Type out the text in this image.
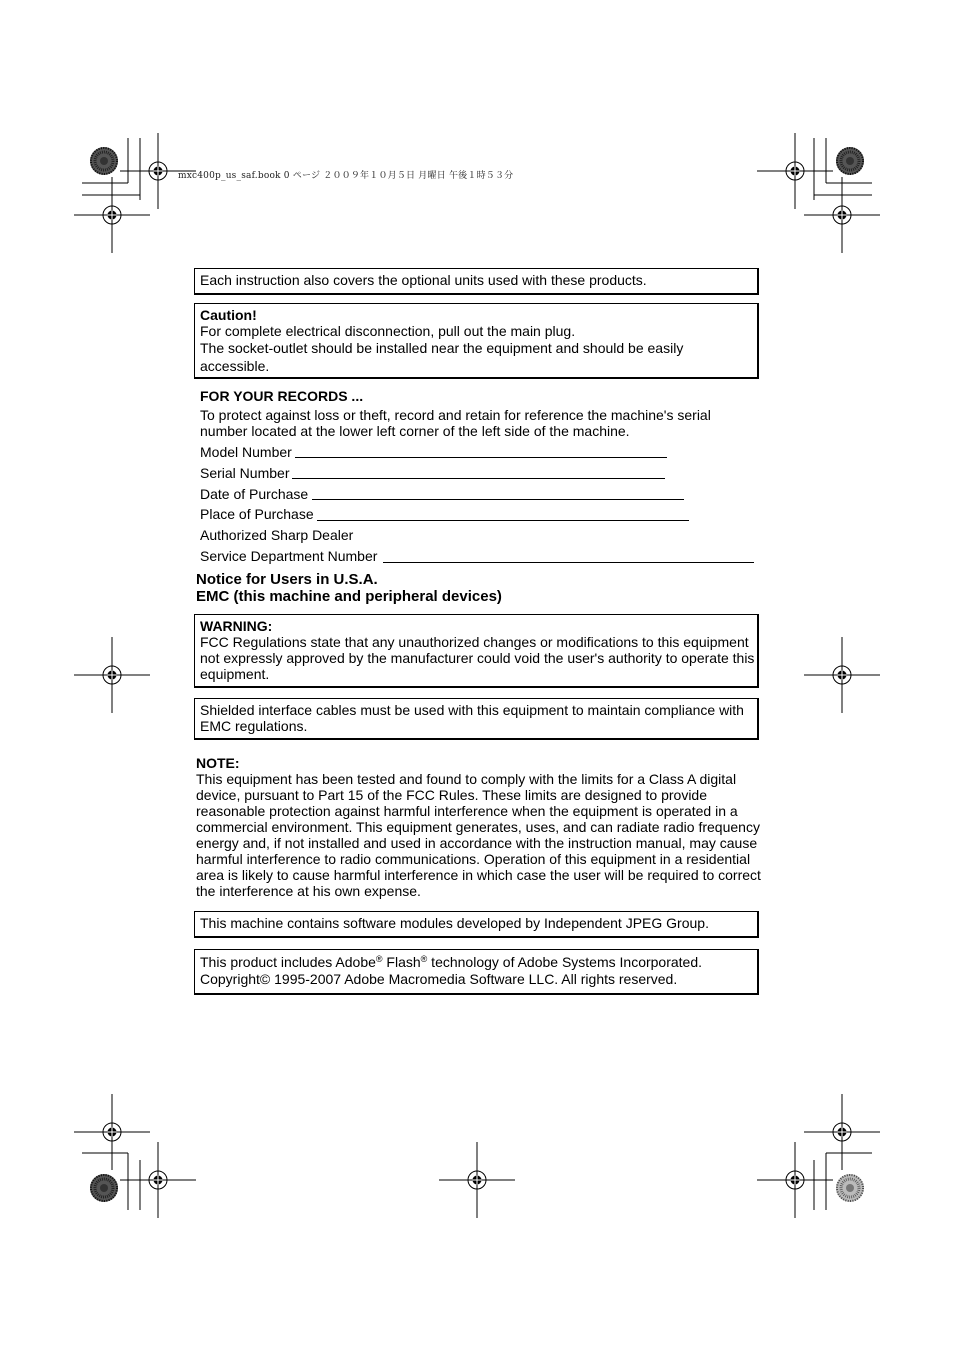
mxc400p_us_saf.book 0 ページ ２００９年１０月５日 月曜日 午後１時５３分
Each instruction also covers the optional units used with these products.
Caution!
For complete electrical disconnection, pull out the main plug.
The socket-outlet should be installed near the equipment and should be easily accessible.
FOR YOUR RECORDS ...
To protect against loss or theft, record and retain for reference the machine's serial number located at the lower left corner of the left side of the machine.
Model Number
Serial Number
Date of Purchase
Place of Purchase
Authorized Sharp Dealer
Service Department Number
Notice for Users in U.S.A.
EMC (this machine and peripheral devices)
WARNING:
FCC Regulations state that any unauthorized changes or modifications to this equipment not expressly approved by the manufacturer could void the user's authority to operate this equipment.
Shielded interface cables must be used with this equipment to maintain compliance with EMC regulations.
NOTE:
This equipment has been tested and found to comply with the limits for a Class A digital device, pursuant to Part 15 of the FCC Rules. These limits are designed to provide reasonable protection against harmful interference when the equipment is operated in a commercial environment. This equipment generates, uses, and can radiate radio frequency energy and, if not installed and used in accordance with the instruction manual, may cause harmful interference to radio communications. Operation of this equipment in a residential area is likely to cause harmful interference in which case the user will be required to correct the interference at his own expense.
This machine contains software modules developed by Independent JPEG Group.
This product includes Adobe® Flash® technology of Adobe Systems Incorporated.
Copyright© 1995-2007 Adobe Macromedia Software LLC. All rights reserved.
